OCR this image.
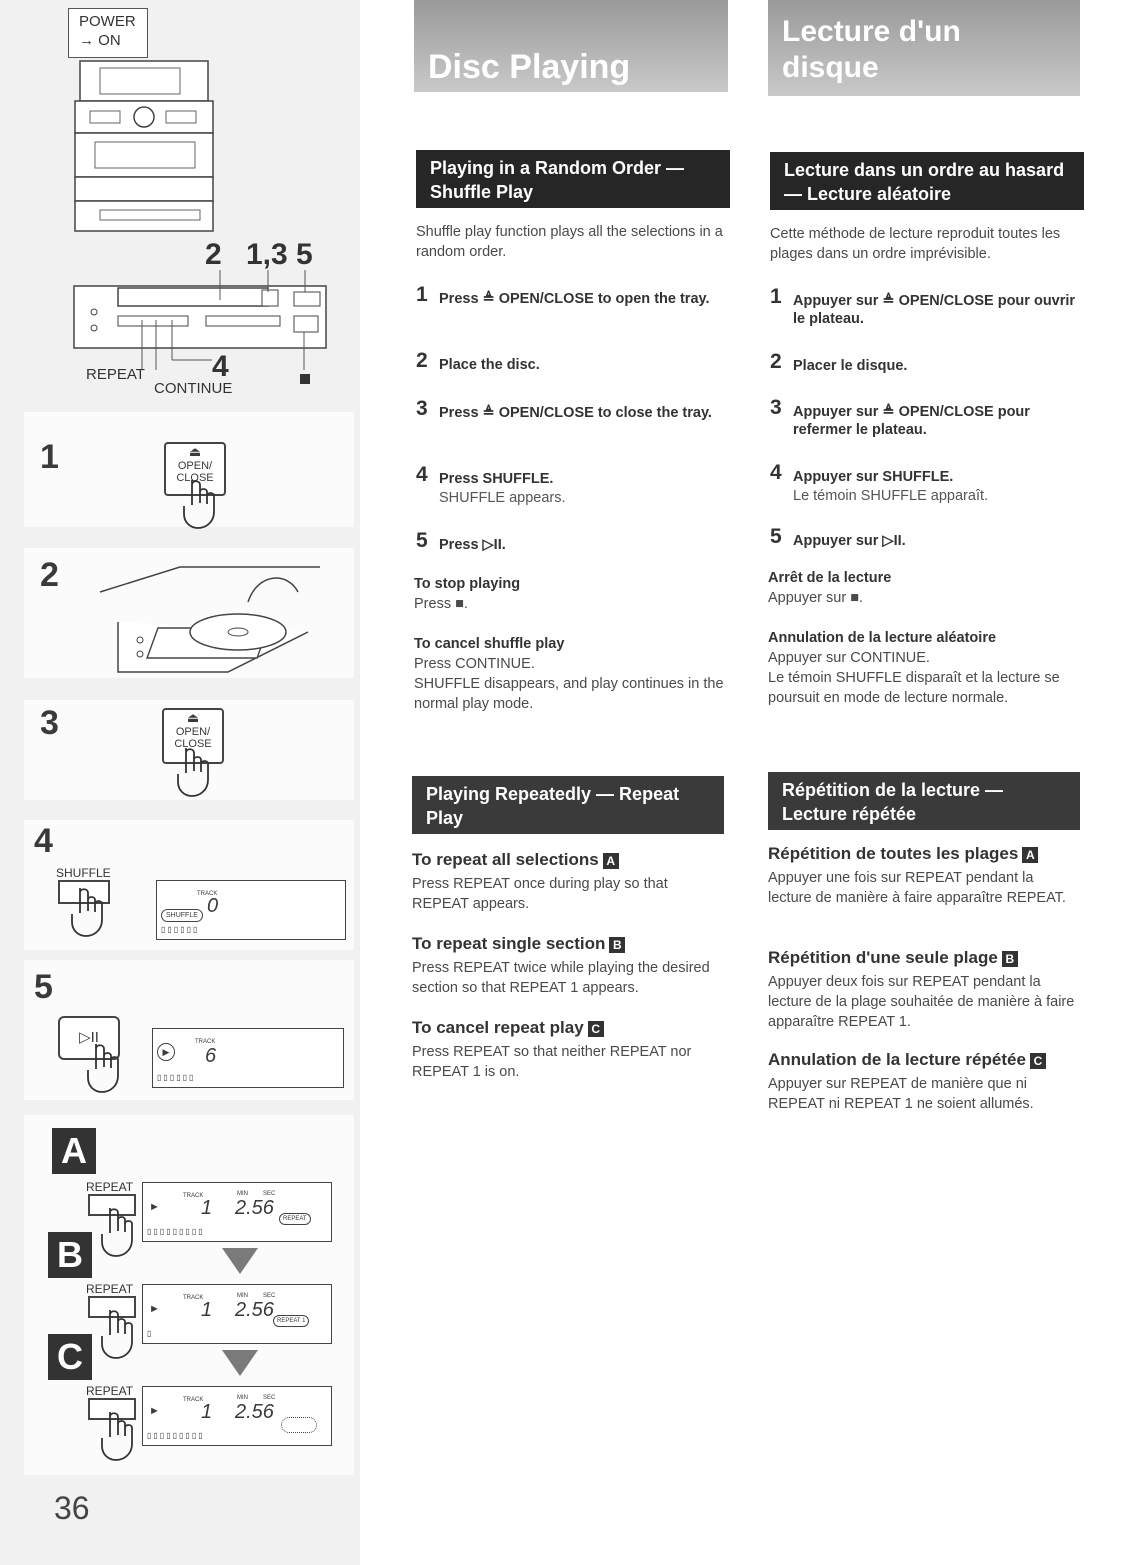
POWER
→ ON
2 1,3 5
4
REPEAT
CONTINUE
1	⏏
OPEN/
CLOSE
2
3	⏏
OPEN/
CLOSE
4
SHUFFLE
TRACK
SHUFFLE 0
▯▯▯▯▯▯
5
▷II
▶
TRACK
6
▯▯▯▯▯▯
A
REPEAT
►
TRACK
1
MIN	SEC
2.56	REPEAT
▯▯▯▯▯▯▯▯▯
B
REPEAT
►
TRACK
1
MIN	SEC
2.56 REPEAT 1
▯
C
REPEAT
►
TRACK
1
MIN	SEC
2.56
▯▯▯▯▯▯▯▯▯
36
Disc Playing
Playing in a Random Order — Shuffle Play
Shuffle play function plays all the selections in a random order.
1 Press ≜ OPEN/CLOSE to open the tray.
2 Place the disc.
3 Press ≜ OPEN/CLOSE to close the tray.
4 Press SHUFFLE.
SHUFFLE appears.
5 Press ▷II.
To stop playing
Press ■.
To cancel shuffle play
Press CONTINUE.
SHUFFLE disappears, and play continues in the normal play mode.
Playing Repeatedly — Repeat Play
To repeat all selections A
Press REPEAT once during play so that REPEAT appears.
To repeat single section B
Press REPEAT twice while playing the desired section so that REPEAT 1 appears.
To cancel repeat play C
Press REPEAT so that neither REPEAT nor REPEAT 1 is on.
Lecture d'un disque
Lecture dans un ordre au hasard — Lecture aléatoire
Cette méthode de lecture reproduit toutes les plages dans un ordre imprévisible.
1 Appuyer sur ≜ OPEN/CLOSE pour ouvrir le plateau.
2 Placer le disque.
3 Appuyer sur ≜ OPEN/CLOSE pour refermer le plateau.
4 Appuyer sur SHUFFLE.
Le témoin SHUFFLE apparaît.
5 Appuyer sur ▷II.
Arrêt de la lecture
Appuyer sur ■.
Annulation de la lecture aléatoire
Appuyer sur CONTINUE.
Le témoin SHUFFLE disparaît et la lecture se poursuit en mode de lecture normale.
Répétition de la lecture — Lecture répétée
Répétition de toutes les plages A
Appuyer une fois sur REPEAT pendant la lecture de manière à faire apparaître REPEAT.
Répétition d'une seule plage B
Appuyer deux fois sur REPEAT pendant la lecture de la plage souhaitée de manière à faire apparaître REPEAT 1.
Annulation de la lecture répétée C
Appuyer sur REPEAT de manière que ni REPEAT ni REPEAT 1 ne soient allumés.
